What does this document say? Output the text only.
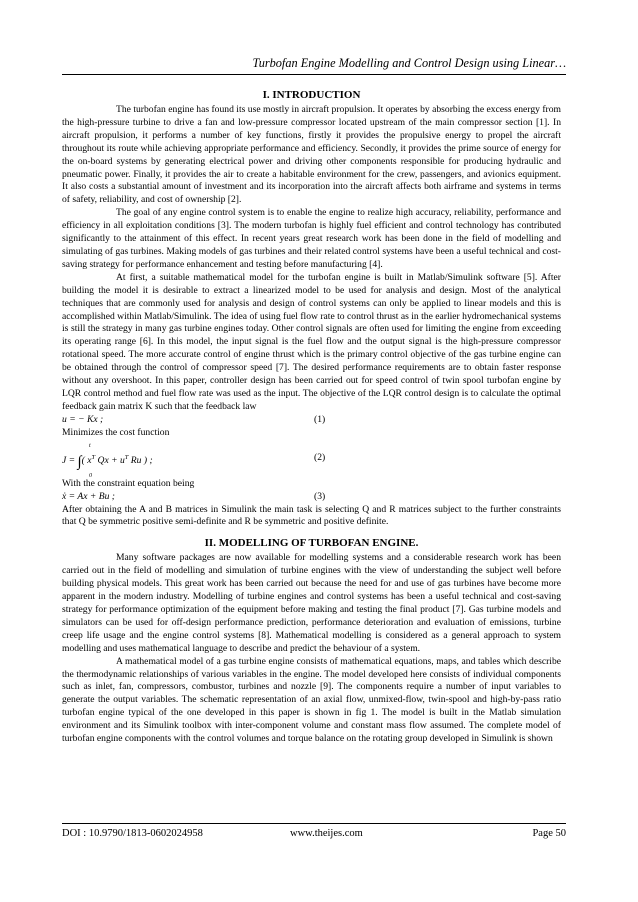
Turbofan Engine Modelling and Control Design using Linear…
I. INTRODUCTION

The turbofan engine has found its use mostly in aircraft propulsion. It operates by absorbing the excess energy from the high-pressure turbine to drive a fan and low-pressure compressor located upstream of the main compressor section [1]. In aircraft propulsion, it performs a number of key functions, firstly it provides the propulsive energy to propel the aircraft throughout its route while achieving appropriate performance and efficiency. Secondly, it provides the prime source of energy for the on-board systems by generating electrical power and driving other components responsible for producing hydraulic and pneumatic power. Finally, it provides the air to create a habitable environment for the crew, passengers, and avionics equipment. It also costs a substantial amount of investment and its incorporation into the aircraft affects both airframe and systems in terms of safety, reliability, and cost of ownership [2].

The goal of any engine control system is to enable the engine to realize high accuracy, reliability, performance and efficiency in all exploitation conditions [3]. The modern turbofan is highly fuel efficient and control technology has contributed significantly to the attainment of this effect. In recent years great research work has been done in the field of modelling and simulating of gas turbines. Making models of gas turbines and their related control systems have been a useful technical and cost-saving strategy for performance enhancement and testing before manufacturing [4].

At first, a suitable mathematical model for the turbofan engine is built in Matlab/Simulink software [5]. After building the model it is desirable to extract a linearized model to be used for analysis and design. Most of the analytical techniques that are commonly used for analysis and design of control systems can only be applied to linear models and this is accomplished within Matlab/Simulink. The idea of using fuel flow rate to control thrust as in the earlier hydromechanical systems is still the strategy in many gas turbine engines today. Other control signals are often used for limiting the engine from exceeding its operating range [6]. In this model, the input signal is the fuel flow and the output signal is the high-pressure compressor rotational speed. The more accurate control of engine thrust which is the primary control objective of the gas turbine engine can be obtained through the control of compressor speed [7]. The desired performance requirements are to obtain faster response without any overshoot. In this paper, controller design has been carried out for speed control of twin spool turbofan engine by LQR control method and fuel flow rate was used as the input. The objective of the LQR control design is to calculate the optimal feedback gain matrix K such that the feedback law

u = − Kx ;	(1)

Minimizes the cost function

t
J = ∫( $x^T$ $Qx + u^T$ Ru ) ;
0
(2)

With the constraint equation being

ẋ = Ax + Bu ;	(3)

After obtaining the A and B matrices in Simulink the main task is selecting Q and R matrices subject to the further constraints that Q be symmetric positive semi-definite and R be symmetric and positive definite.

II. MODELLING OF TURBOFAN ENGINE.

Many software packages are now available for modelling systems and a considerable research work has been carried out in the field of modelling and simulation of turbine engines with the view of understanding the subject well before building physical models. This great work has been carried out because the need for and use of gas turbines have become more apparent in the modern industry. Modelling of turbine engines and control systems has been a useful technical and cost-saving strategy for performance optimization of the equipment before making and testing the final product [7]. Gas turbine models and simulators can be used for off-design performance prediction, performance deterioration and evaluation of emissions, turbine creep life usage and the engine control systems [8]. Mathematical modelling is considered as a general approach to system modelling and uses mathematical language to describe and predict the behaviour of a system.

A mathematical model of a gas turbine engine consists of mathematical equations, maps, and tables which describe the thermodynamic relationships of various variables in the engine. The model developed here consists of individual components such as inlet, fan, compressors, combustor, turbines and nozzle [9]. The components require a number of input variables to generate the output variables. The schematic representation of an axial flow, unmixed-flow, twin-spool and high-by-pass ratio turbofan engine typical of the one developed in this paper is shown in fig 1. The model is built in the Matlab simulation environment and its Simulink toolbox with inter-component volume and constant mass flow assumed. The complete model of turbofan engine components with the control volumes and torque balance on the rotating group developed in Simulink is shown

DOI : 10.9790/1813-0602024958	www.theijes.com	Page 50
